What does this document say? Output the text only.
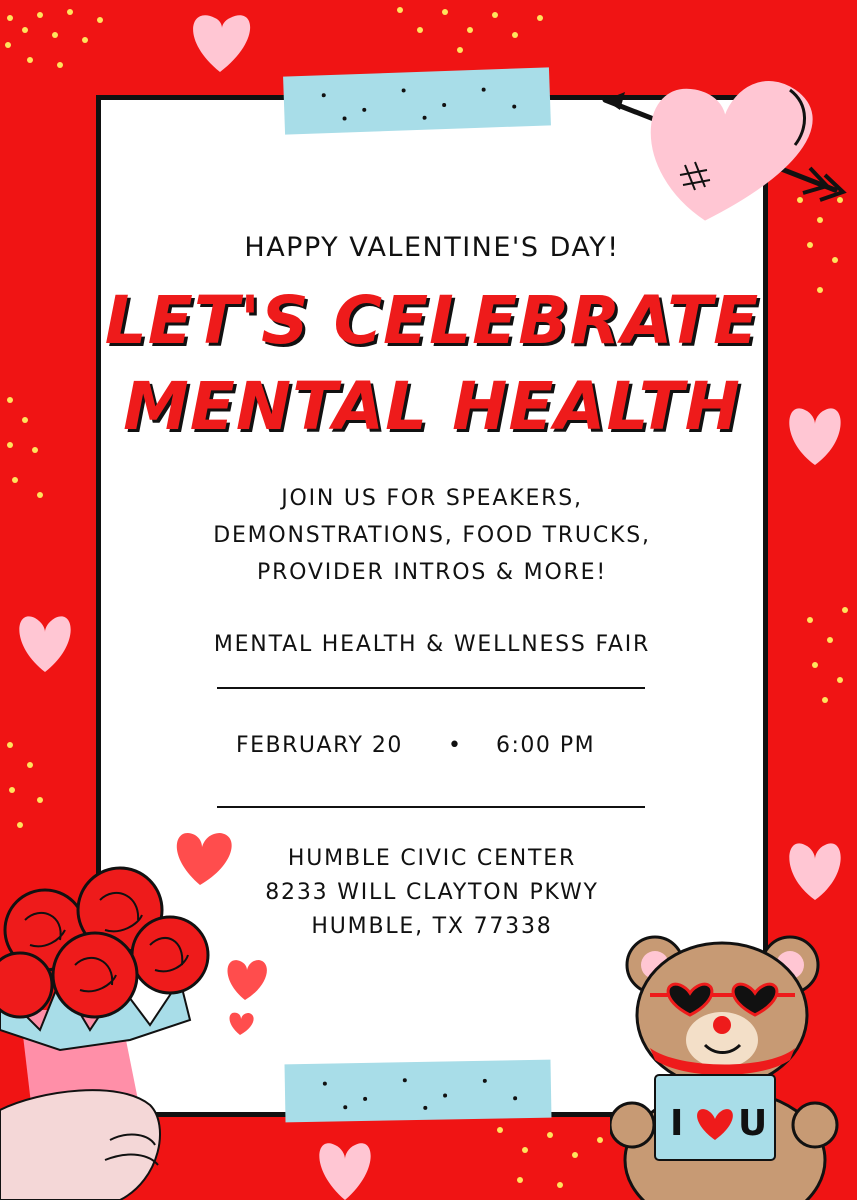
HAPPY VALENTINE'S DAY!
LET'S CELEBRATE
MENTAL HEALTH
JOIN US FOR SPEAKERS,
DEMONSTRATIONS, FOOD TRUCKS,
PROVIDER INTROS & MORE!
MENTAL HEALTH & WELLNESS FAIR
FEBRUARY 20 • 6:00 PM
HUMBLE CIVIC CENTER
8233 WILL CLAYTON PKWY
HUMBLE, TX 77338
I U
